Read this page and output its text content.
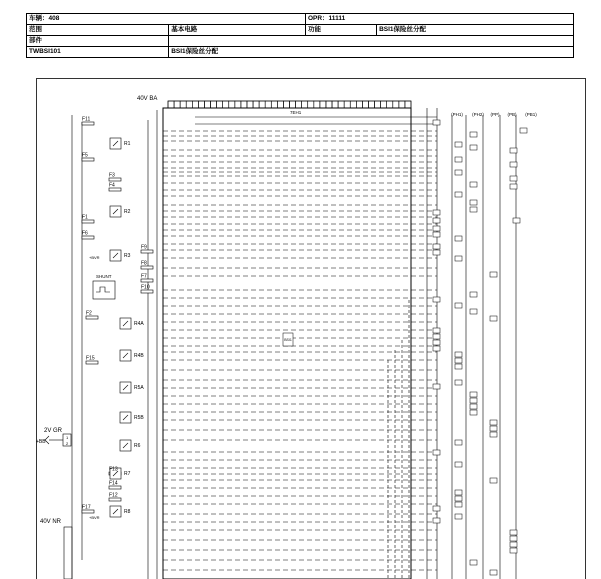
车辆：408		OPR：11111	
范围	基本电路	功能	BSI1保险丝分配
部件			
TWBSI101	BSI1保险丝分配		
F11
F5
F3
F4
F1
F6
F9
F7
F8
F10
F2
F15
F13
F14
F12
F17
R1
R2
R3
R4A
R4B
R5A
R5B
R6
R7
R8
BSI1
40V BA
7EH1
2V GR
+BB
1
2
40V NR
SHUNT
+BVR
+BVR
(PH1) (PH2) (PP) (PB) (PB1)
